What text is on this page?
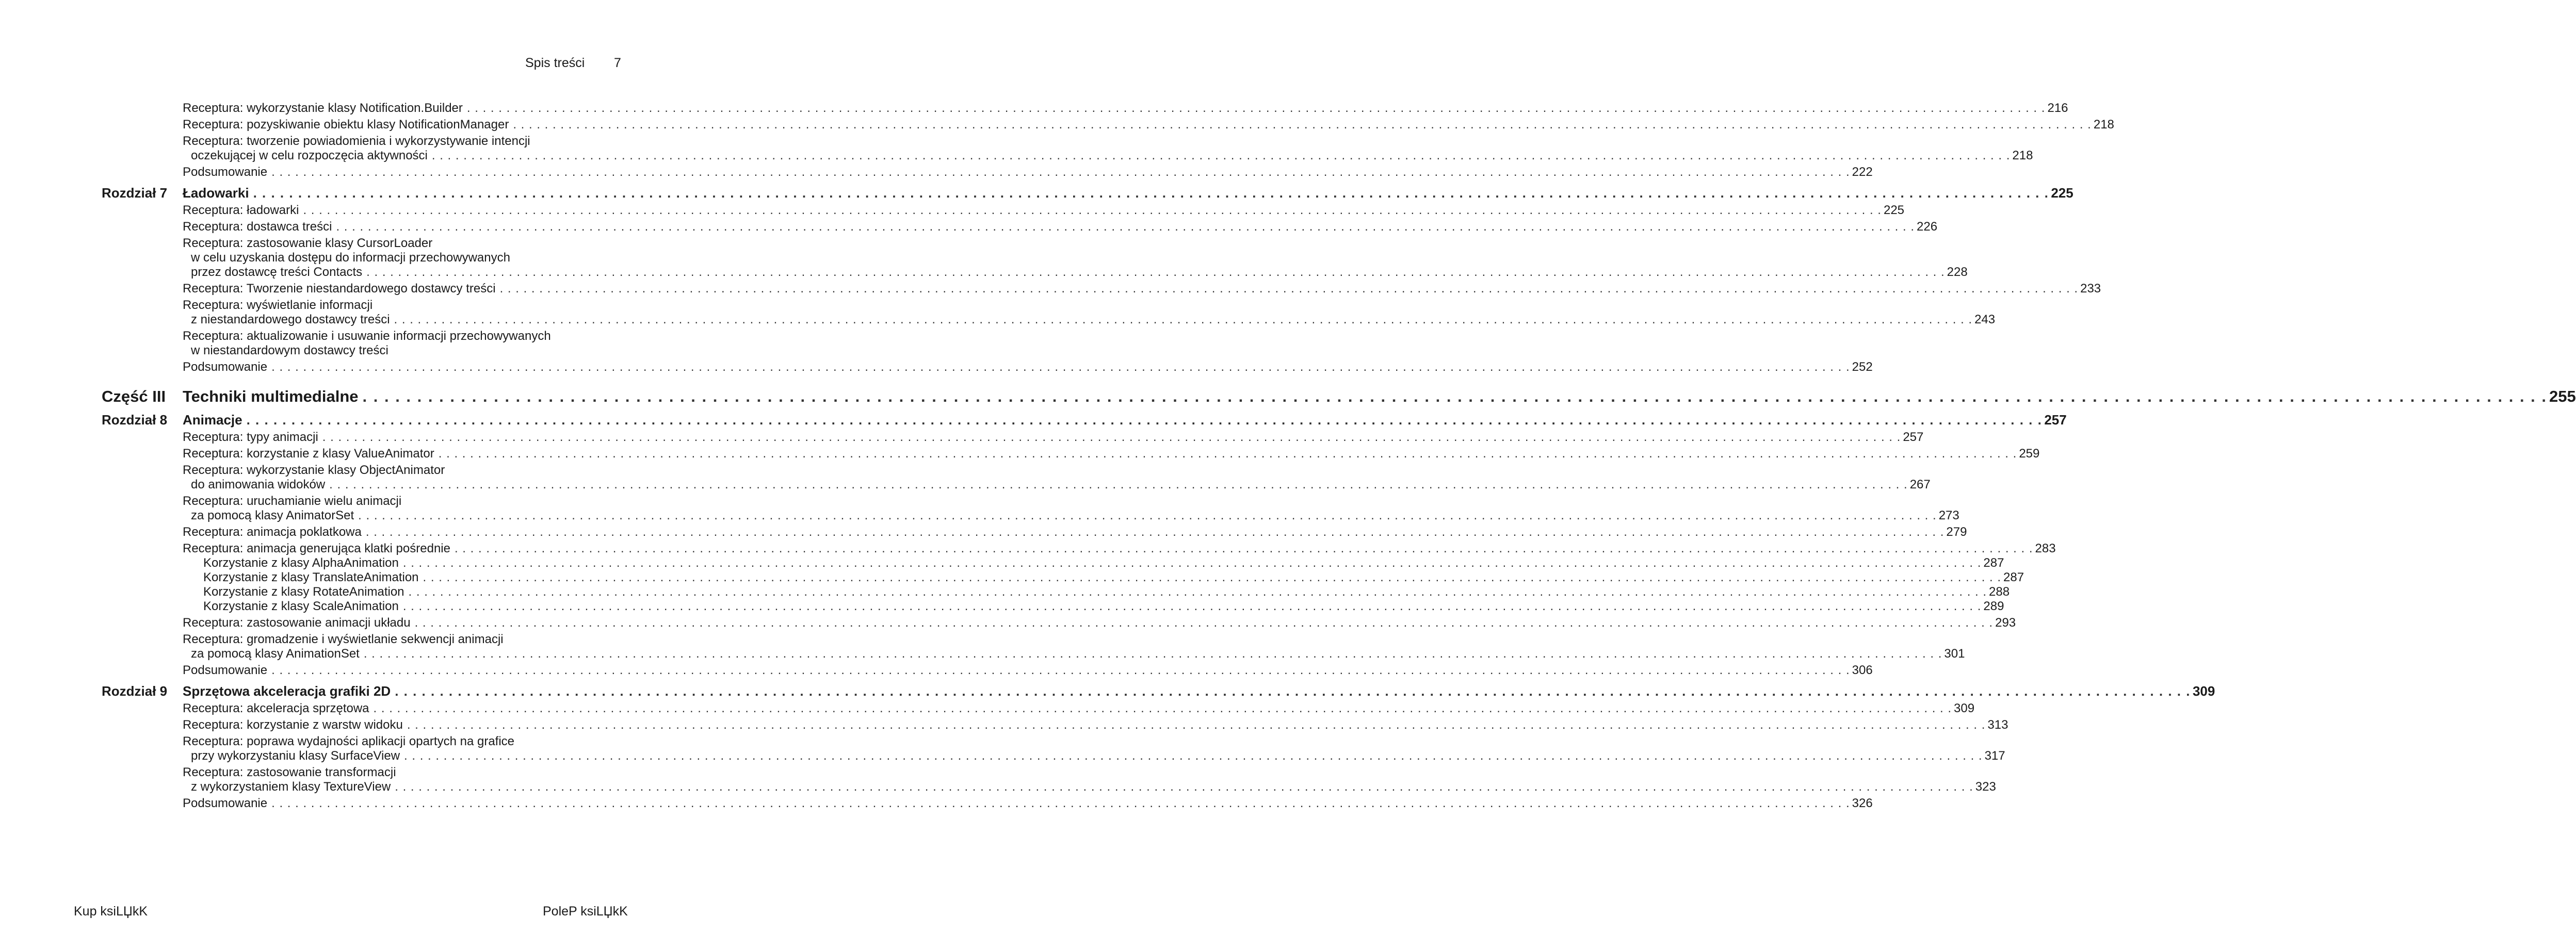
Spis treści 7
Receptura: wykorzystanie klasy Notification.Builder . . . . . . . . . . . . . . . . . . . . . . . . . . . . . . . . . . . . . . . . . . . . . . . . . . . . . . . . . . . . . . . . . . . . . . . . . . . . . . . . . . . . . . . . . . . . . . . . . . . . . . . . . . . . . . . . . . . . . . . . . . . . . . . . . . . . . . . . . . . . . . . . . . . . . . . . . . . . . . . . . . . . . . . . . . . . . . . . . . . . . . . . . . . . . . . . . . . . . . . . 216
Receptura: pozyskiwanie obiektu klasy NotificationManager . . . . . . . . . . . . . . . . . . . . . . . . . . . . . . . . . . . . . . . . . . . . . . . . . . . . . . . . . . . . . . . . . . . . . . . . . . . . . . . . . . . . . . . . . . . . . . . . . . . . . . . . . . . . . . . . . . . . . . . . . . . . . . . . . . . . . . . . . . . . . . . . . . . . . . . . . . . . . . . . . . . . . . . . . . . . . . . . . . . . . . . . . . . . . . . . . . . . . . . . 218
Receptura: tworzenie powiadomienia i wykorzystywanie intencji
oczekującej w celu rozpoczęcia aktywności . . . . . . . . . . . . . . . . . . . . . . . . . . . . . . . . . . . . . . . . . . . . . . . . . . . . . . . . . . . . . . . . . . . . . . . . . . . . . . . . . . . . . . . . . . . . . . . . . . . . . . . . . . . . . . . . . . . . . . . . . . . . . . . . . . . . . . . . . . . . . . . . . . . . . . . . . . . . . . . . . . . . . . . . . . . . . . . . . . . . . . . . . . . . . . . . . . . . . . . . 218
Podsumowanie . . . . . . . . . . . . . . . . . . . . . . . . . . . . . . . . . . . . . . . . . . . . . . . . . . . . . . . . . . . . . . . . . . . . . . . . . . . . . . . . . . . . . . . . . . . . . . . . . . . . . . . . . . . . . . . . . . . . . . . . . . . . . . . . . . . . . . . . . . . . . . . . . . . . . . . . . . . . . . . . . . . . . . . . . . . . . . . . . . . . . . . . . . . . . . . . . . . . . . . . 222
Rozdział 7 Ładowarki . . . . . . . . . . . . . . . . . . . . . . . . . . . . . . . . . . . . . . . . . . . . . . . . . . . . . . . . . . . . . . . . . . . . . . . . . . . . . . . . . . . . . . . . . . . . . . . . . . . . . . . . . . . . . . . . . . . . . . . . . . . . . . . . . . . . . . . . . . . . . . . . . . . . . . . . . . . . . . . . . . . . . . . . . . . . . . . . . . . . . . . . . . . . . . . . . . . . . . . . 225
Receptura: ładowarki . . . . . . . . . . . . . . . . . . . . . . . . . . . . . . . . . . . . . . . . . . . . . . . . . . . . . . . . . . . . . . . . . . . . . . . . . . . . . . . . . . . . . . . . . . . . . . . . . . . . . . . . . . . . . . . . . . . . . . . . . . . . . . . . . . . . . . . . . . . . . . . . . . . . . . . . . . . . . . . . . . . . . . . . . . . . . . . . . . . . . . . . . . . . . . . . . . . . . . . . 225
Receptura: dostawca treści . . . . . . . . . . . . . . . . . . . . . . . . . . . . . . . . . . . . . . . . . . . . . . . . . . . . . . . . . . . . . . . . . . . . . . . . . . . . . . . . . . . . . . . . . . . . . . . . . . . . . . . . . . . . . . . . . . . . . . . . . . . . . . . . . . . . . . . . . . . . . . . . . . . . . . . . . . . . . . . . . . . . . . . . . . . . . . . . . . . . . . . . . . . . . . . . . . . . . . . . 226
Receptura: zastosowanie klasy CursorLoader
w celu uzyskania dostępu do informacji przechowywanych
przez dostawcę treści Contacts . . . . . . . . . . . . . . . . . . . . . . . . . . . . . . . . . . . . . . . . . . . . . . . . . . . . . . . . . . . . . . . . . . . . . . . . . . . . . . . . . . . . . . . . . . . . . . . . . . . . . . . . . . . . . . . . . . . . . . . . . . . . . . . . . . . . . . . . . . . . . . . . . . . . . . . . . . . . . . . . . . . . . . . . . . . . . . . . . . . . . . . . . . . . . . . . . . . . . . . . 228
Receptura: Tworzenie niestandardowego dostawcy treści . . . . . . . . . . . . . . . . . . . . . . . . . . . . . . . . . . . . . . . . . . . . . . . . . . . . . . . . . . . . . . . . . . . . . . . . . . . . . . . . . . . . . . . . . . . . . . . . . . . . . . . . . . . . . . . . . . . . . . . . . . . . . . . . . . . . . . . . . . . . . . . . . . . . . . . . . . . . . . . . . . . . . . . . . . . . . . . . . . . . . . . . . . . . . . . . . . . . . . . . 233
Receptura: wyświetlanie informacji
z niestandardowego dostawcy treści . . . . . . . . . . . . . . . . . . . . . . . . . . . . . . . . . . . . . . . . . . . . . . . . . . . . . . . . . . . . . . . . . . . . . . . . . . . . . . . . . . . . . . . . . . . . . . . . . . . . . . . . . . . . . . . . . . . . . . . . . . . . . . . . . . . . . . . . . . . . . . . . . . . . . . . . . . . . . . . . . . . . . . . . . . . . . . . . . . . . . . . . . . . . . . . . . . . . . . . . 243
Receptura: aktualizowanie i usuwanie informacji przechowywanych
w niestandardowym dostawcy treści
Podsumowanie . . . . . . . . . . . . . . . . . . . . . . . . . . . . . . . . . . . . . . . . . . . . . . . . . . . . . . . . . . . . . . . . . . . . . . . . . . . . . . . . . . . . . . . . . . . . . . . . . . . . . . . . . . . . . . . . . . . . . . . . . . . . . . . . . . . . . . . . . . . . . . . . . . . . . . . . . . . . . . . . . . . . . . . . . . . . . . . . . . . . . . . . . . . . . . . . . . . . . . . . 252
Część III Techniki multimedialne . . . . . . . . . . . . . . . . . . . . . . . . . . . . . . . . . . . . . . . . . . . . . . . . . . . . . . . . . . . . . . . . . . . . . . . . . . . . . . . . . . . . . . . . . . . . . . . . . . . . . . . . . . . . . . . . . . . . . . . . . . . . . . . . . . . . . . . . . . . . . . . . . . . . . . . . . . . . . . . . . . . . . . . . . . . . . . . . . . . . . . . . . . . . . . . . . . . . . . . . 255
Rozdział 8 Animacje . . . . . . . . . . . . . . . . . . . . . . . . . . . . . . . . . . . . . . . . . . . . . . . . . . . . . . . . . . . . . . . . . . . . . . . . . . . . . . . . . . . . . . . . . . . . . . . . . . . . . . . . . . . . . . . . . . . . . . . . . . . . . . . . . . . . . . . . . . . . . . . . . . . . . . . . . . . . . . . . . . . . . . . . . . . . . . . . . . . . . . . . . . . . . . . . . . . . . . . . 257
Receptura: typy animacji . . . . . . . . . . . . . . . . . . . . . . . . . . . . . . . . . . . . . . . . . . . . . . . . . . . . . . . . . . . . . . . . . . . . . . . . . . . . . . . . . . . . . . . . . . . . . . . . . . . . . . . . . . . . . . . . . . . . . . . . . . . . . . . . . . . . . . . . . . . . . . . . . . . . . . . . . . . . . . . . . . . . . . . . . . . . . . . . . . . . . . . . . . . . . . . . . . . . . . . . 257
Receptura: korzystanie z klasy ValueAnimator . . . . . . . . . . . . . . . . . . . . . . . . . . . . . . . . . . . . . . . . . . . . . . . . . . . . . . . . . . . . . . . . . . . . . . . . . . . . . . . . . . . . . . . . . . . . . . . . . . . . . . . . . . . . . . . . . . . . . . . . . . . . . . . . . . . . . . . . . . . . . . . . . . . . . . . . . . . . . . . . . . . . . . . . . . . . . . . . . . . . . . . . . . . . . . . . . . . . . . . . 259
Receptura: wykorzystanie klasy ObjectAnimator
do animowania widoków . . . . . . . . . . . . . . . . . . . . . . . . . . . . . . . . . . . . . . . . . . . . . . . . . . . . . . . . . . . . . . . . . . . . . . . . . . . . . . . . . . . . . . . . . . . . . . . . . . . . . . . . . . . . . . . . . . . . . . . . . . . . . . . . . . . . . . . . . . . . . . . . . . . . . . . . . . . . . . . . . . . . . . . . . . . . . . . . . . . . . . . . . . . . . . . . . . . . . . . . 267
Receptura: uruchamianie wielu animacji
za pomocą klasy AnimatorSet . . . . . . . . . . . . . . . . . . . . . . . . . . . . . . . . . . . . . . . . . . . . . . . . . . . . . . . . . . . . . . . . . . . . . . . . . . . . . . . . . . . . . . . . . . . . . . . . . . . . . . . . . . . . . . . . . . . . . . . . . . . . . . . . . . . . . . . . . . . . . . . . . . . . . . . . . . . . . . . . . . . . . . . . . . . . . . . . . . . . . . . . . . . . . . . . . . . . . . . . 273
Receptura: animacja poklatkowa . . . . . . . . . . . . . . . . . . . . . . . . . . . . . . . . . . . . . . . . . . . . . . . . . . . . . . . . . . . . . . . . . . . . . . . . . . . . . . . . . . . . . . . . . . . . . . . . . . . . . . . . . . . . . . . . . . . . . . . . . . . . . . . . . . . . . . . . . . . . . . . . . . . . . . . . . . . . . . . . . . . . . . . . . . . . . . . . . . . . . . . . . . . . . . . . . . . . . . . . 279
Receptura: animacja generująca klatki pośrednie . . . . . . . . . . . . . . . . . . . . . . . . . . . . . . . . . . . . . . . . . . . . . . . . . . . . . . . . . . . . . . . . . . . . . . . . . . . . . . . . . . . . . . . . . . . . . . . . . . . . . . . . . . . . . . . . . . . . . . . . . . . . . . . . . . . . . . . . . . . . . . . . . . . . . . . . . . . . . . . . . . . . . . . . . . . . . . . . . . . . . . . . . . . . . . . . . . . . . . . . 283
Korzystanie z klasy AlphaAnimation . . . . . . . . . . . . . . . . . . . . . . . . . . . . . . . . . . . . . . . . . . . . . . . . . . . . . . . . . . . . . . . . . . . . . . . . . . . . . . . . . . . . . . . . . . . . . . . . . . . . . . . . . . . . . . . . . . . . . . . . . . . . . . . . . . . . . . . . . . . . . . . . . . . . . . . . . . . . . . . . . . . . . . . . . . . . . . . . . . . . . . . . . . . . . . . . . . . . . . . . 287
Korzystanie z klasy TranslateAnimation . . . . . . . . . . . . . . . . . . . . . . . . . . . . . . . . . . . . . . . . . . . . . . . . . . . . . . . . . . . . . . . . . . . . . . . . . . . . . . . . . . . . . . . . . . . . . . . . . . . . . . . . . . . . . . . . . . . . . . . . . . . . . . . . . . . . . . . . . . . . . . . . . . . . . . . . . . . . . . . . . . . . . . . . . . . . . . . . . . . . . . . . . . . . . . . . . . . . . . . . 287
Korzystanie z klasy RotateAnimation . . . . . . . . . . . . . . . . . . . . . . . . . . . . . . . . . . . . . . . . . . . . . . . . . . . . . . . . . . . . . . . . . . . . . . . . . . . . . . . . . . . . . . . . . . . . . . . . . . . . . . . . . . . . . . . . . . . . . . . . . . . . . . . . . . . . . . . . . . . . . . . . . . . . . . . . . . . . . . . . . . . . . . . . . . . . . . . . . . . . . . . . . . . . . . . . . . . . . . . . 288
Korzystanie z klasy ScaleAnimation . . . . . . . . . . . . . . . . . . . . . . . . . . . . . . . . . . . . . . . . . . . . . . . . . . . . . . . . . . . . . . . . . . . . . . . . . . . . . . . . . . . . . . . . . . . . . . . . . . . . . . . . . . . . . . . . . . . . . . . . . . . . . . . . . . . . . . . . . . . . . . . . . . . . . . . . . . . . . . . . . . . . . . . . . . . . . . . . . . . . . . . . . . . . . . . . . . . . . . . . 289
Receptura: zastosowanie animacji układu . . . . . . . . . . . . . . . . . . . . . . . . . . . . . . . . . . . . . . . . . . . . . . . . . . . . . . . . . . . . . . . . . . . . . . . . . . . . . . . . . . . . . . . . . . . . . . . . . . . . . . . . . . . . . . . . . . . . . . . . . . . . . . . . . . . . . . . . . . . . . . . . . . . . . . . . . . . . . . . . . . . . . . . . . . . . . . . . . . . . . . . . . . . . . . . . . . . . . . . . 293
Receptura: gromadzenie i wyświetlanie sekwencji animacji
za pomocą klasy AnimationSet . . . . . . . . . . . . . . . . . . . . . . . . . . . . . . . . . . . . . . . . . . . . . . . . . . . . . . . . . . . . . . . . . . . . . . . . . . . . . . . . . . . . . . . . . . . . . . . . . . . . . . . . . . . . . . . . . . . . . . . . . . . . . . . . . . . . . . . . . . . . . . . . . . . . . . . . . . . . . . . . . . . . . . . . . . . . . . . . . . . . . . . . . . . . . . . . . . . . . . . . 301
Podsumowanie . . . . . . . . . . . . . . . . . . . . . . . . . . . . . . . . . . . . . . . . . . . . . . . . . . . . . . . . . . . . . . . . . . . . . . . . . . . . . . . . . . . . . . . . . . . . . . . . . . . . . . . . . . . . . . . . . . . . . . . . . . . . . . . . . . . . . . . . . . . . . . . . . . . . . . . . . . . . . . . . . . . . . . . . . . . . . . . . . . . . . . . . . . . . . . . . . . . . . . . . 306
Rozdział 9 Sprzętowa akceleracja grafiki 2D . . . . . . . . . . . . . . . . . . . . . . . . . . . . . . . . . . . . . . . . . . . . . . . . . . . . . . . . . . . . . . . . . . . . . . . . . . . . . . . . . . . . . . . . . . . . . . . . . . . . . . . . . . . . . . . . . . . . . . . . . . . . . . . . . . . . . . . . . . . . . . . . . . . . . . . . . . . . . . . . . . . . . . . . . . . . . . . . . . . . . . . . . . . . . . . . . . . . . . . . 309
Receptura: akceleracja sprzętowa . . . . . . . . . . . . . . . . . . . . . . . . . . . . . . . . . . . . . . . . . . . . . . . . . . . . . . . . . . . . . . . . . . . . . . . . . . . . . . . . . . . . . . . . . . . . . . . . . . . . . . . . . . . . . . . . . . . . . . . . . . . . . . . . . . . . . . . . . . . . . . . . . . . . . . . . . . . . . . . . . . . . . . . . . . . . . . . . . . . . . . . . . . . . . . . . . . . . . . . . 309
Receptura: korzystanie z warstw widoku . . . . . . . . . . . . . . . . . . . . . . . . . . . . . . . . . . . . . . . . . . . . . . . . . . . . . . . . . . . . . . . . . . . . . . . . . . . . . . . . . . . . . . . . . . . . . . . . . . . . . . . . . . . . . . . . . . . . . . . . . . . . . . . . . . . . . . . . . . . . . . . . . . . . . . . . . . . . . . . . . . . . . . . . . . . . . . . . . . . . . . . . . . . . . . . . . . . . . . . . 313
Receptura: poprawa wydajności aplikacji opartych na grafice
przy wykorzystaniu klasy SurfaceView . . . . . . . . . . . . . . . . . . . . . . . . . . . . . . . . . . . . . . . . . . . . . . . . . . . . . . . . . . . . . . . . . . . . . . . . . . . . . . . . . . . . . . . . . . . . . . . . . . . . . . . . . . . . . . . . . . . . . . . . . . . . . . . . . . . . . . . . . . . . . . . . . . . . . . . . . . . . . . . . . . . . . . . . . . . . . . . . . . . . . . . . . . . . . . . . . . . . . . . . 317
Receptura: zastosowanie transformacji
z wykorzystaniem klasy TextureView . . . . . . . . . . . . . . . . . . . . . . . . . . . . . . . . . . . . . . . . . . . . . . . . . . . . . . . . . . . . . . . . . . . . . . . . . . . . . . . . . . . . . . . . . . . . . . . . . . . . . . . . . . . . . . . . . . . . . . . . . . . . . . . . . . . . . . . . . . . . . . . . . . . . . . . . . . . . . . . . . . . . . . . . . . . . . . . . . . . . . . . . . . . . . . . . . . . . . . . . 323
Podsumowanie . . . . . . . . . . . . . . . . . . . . . . . . . . . . . . . . . . . . . . . . . . . . . . . . . . . . . . . . . . . . . . . . . . . . . . . . . . . . . . . . . . . . . . . . . . . . . . . . . . . . . . . . . . . . . . . . . . . . . . . . . . . . . . . . . . . . . . . . . . . . . . . . . . . . . . . . . . . . . . . . . . . . . . . . . . . . . . . . . . . . . . . . . . . . . . . . . . . . . . . . 326
Kup ksiLЏkK	PoleP ksiLЏkK
